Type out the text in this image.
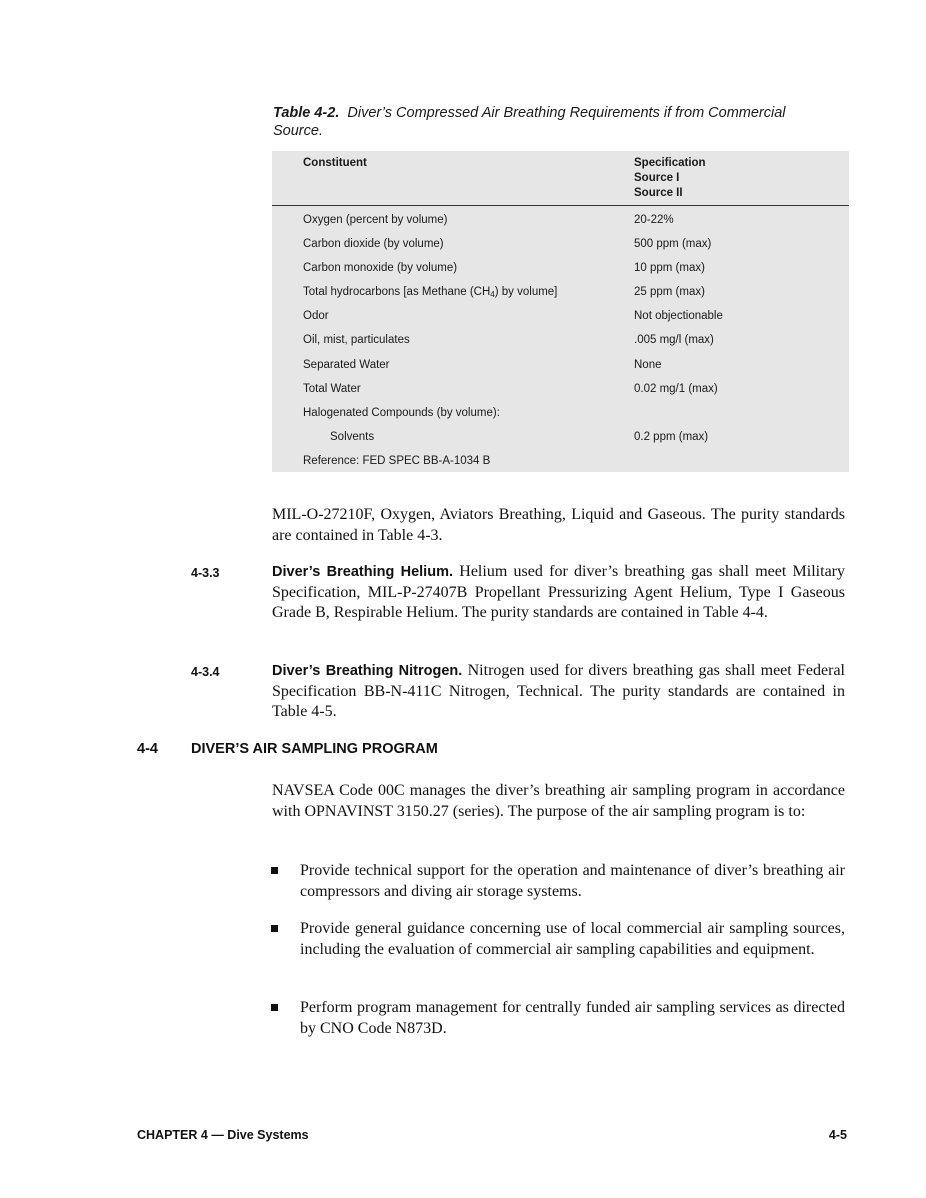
Table 4-2. Diver’s Compressed Air Breathing Requirements if from Commercial Source.
Constituent	Specification
Source I
Source II
Oxygen (percent by volume)	20-22%
Carbon dioxide (by volume)	500 ppm (max)
Carbon monoxide (by volume)	10 ppm (max)
Total hydrocarbons [as Methane $(CH_4)$ by volume]	25 ppm (max)
Odor	Not objectionable
Oil, mist, particulates	.005 mg/l (max)
Separated Water	None
Total Water	0.02 mg/1 (max)
Halogenated Compounds (by volume):
Solvents	0.2 ppm (max)
Reference: FED SPEC BB-A-1034 B
MIL-O-27210F, Oxygen, Aviators Breathing, Liquid and Gaseous. The purity standards are contained in Table 4-3.
4-3.3	Diver’s Breathing Helium. Helium used for diver’s breathing gas shall meet Military Specification, MIL-P-27407B Propellant Pressurizing Agent Helium, Type I Gaseous Grade B, Respirable Helium. The purity standards are contained in Table 4-4.
4-3.4	Diver’s Breathing Nitrogen. Nitrogen used for divers breathing gas shall meet Federal Specification BB-N-411C Nitrogen, Technical. The purity standards are contained in Table 4-5.
4-4 DIVER’S AIR SAMPLING PROGRAM
NAVSEA Code 00C manages the diver’s breathing air sampling program in accordance with OPNAVINST 3150.27 (series). The purpose of the air sampling program is to:
Provide technical support for the operation and maintenance of diver’s breathing air compressors and diving air storage systems.
Provide general guidance concerning use of local commercial air sampling sources, including the evaluation of commercial air sampling capabilities and equipment.
Perform program management for centrally funded air sampling services as directed by CNO Code N873D.
CHAPTER 4 — Dive Systems	4-5
